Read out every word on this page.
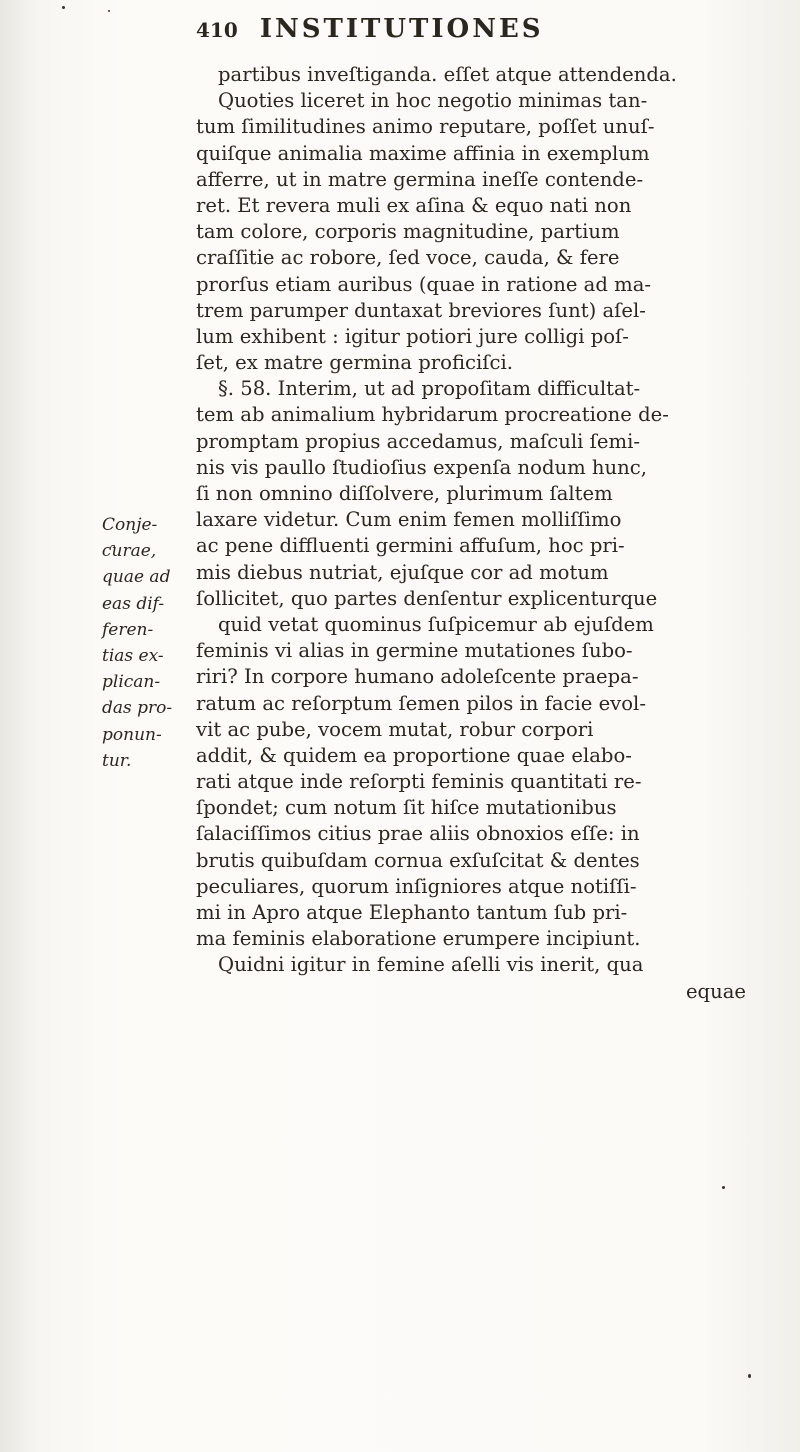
410 INSTITUTIONES
Conje-
ƈurae,
quae ad
eas dif-
feren-
tias ex-
plican-
das pro-
ponun-
tur.
partibus inveſtiganda. eſſet atque attendenda.
Quoties liceret in hoc negotio minimas tan-
tum ſimilitudines animo reputare, poſſet unuſ-
quiſque animalia maxime affinia in exemplum
afferre, ut in matre germina ineſſe contende-
ret. Et revera muli ex aſina & equo nati non
tam colore, corporis magnitudine, partium
craſſitie ac robore, ſed voce, cauda, & fere
prorſus etiam auribus (quae in ratione ad ma-
trem parumper duntaxat breviores ſunt) aſel-
lum exhibent : igitur potiori jure colligi poſ-
ſet, ex matre germina proficiſci.
§. 58. Interim, ut ad propoſitam difficultat-
tem ab animalium hybridarum procreatione de-
promptam propius accedamus, maſculi ſemi-
nis vis paullo ſtudioſius expenſa nodum hunc,
ſi non omnino diſſolvere, plurimum ſaltem
laxare videtur. Cum enim femen molliſſimo
ac pene diffluenti germini affuſum, hoc pri-
mis diebus nutriat, ejuſque cor ad motum
ſollicitet, quo partes denſentur explicenturque
quid vetat quominus ſuſpicemur ab ejuſdem
feminis vi alias in germine mutationes ſubo-
riri? In corpore humano adoleſcente praepa-
ratum ac reſorptum ſemen pilos in facie evol-
vit ac pube, vocem mutat, robur corpori
addit, & quidem ea proportione quae elabo-
rati atque inde reſorpti feminis quantitati re-
ſpondet; cum notum ſit hiſce mutationibus
ſalaciſſimos citius prae aliis obnoxios eſſe: in
brutis quibuſdam cornua exſuſcitat & dentes
peculiares, quorum inſigniores atque notiſſi-
mi in Apro atque Elephanto tantum ſub pri-
ma feminis elaboratione erumpere incipiunt.
Quidni igitur in femine aſelli vis inerit, qua
equae
